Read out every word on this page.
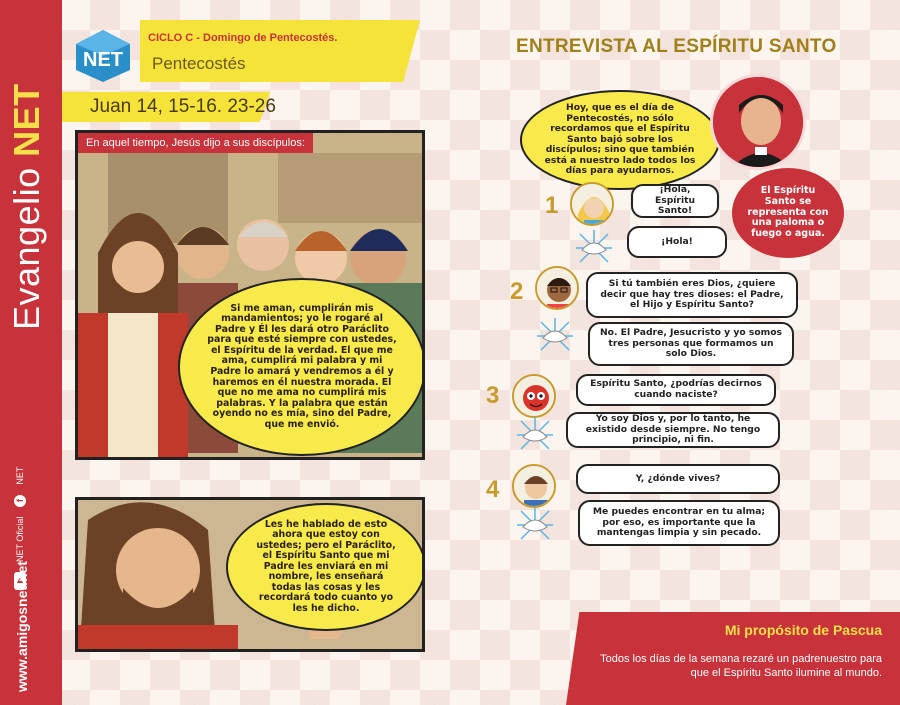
Evangelio NET
NET Oficial
f
NET
www.amigosnet.net
NET
CICLO C - Domingo de Pentecostés.
Pentecostés
Juan 14, 15-16. 23-26
En aquel tiempo, Jesús dijo a sus discípulos:
Si me aman, cumplirán mis mandamientos; yo le rogaré al Padre y Él les dará otro Paráclito para que esté siempre con ustedes, el Espíritu de la verdad. El que me ama, cumplirá mi palabra y mi Padre lo amará y vendremos a él y haremos en él nuestra morada. El que no me ama no cumplirá mis palabras. Y la palabra que están oyendo no es mía, sino del Padre, que me envió.
Les he hablado de esto ahora que estoy con ustedes; pero el Paráclito, el Espíritu Santo que mi Padre les enviará en mi nombre, les enseñará todas las cosas y les recordará todo cuanto yo les he dicho.
ENTREVISTA AL ESPÍRITU SANTO
Hoy, que es el día de Pentecostés, no sólo recordamos que el Espíritu Santo bajó sobre los discípulos; sino que también está a nuestro lado todos los días para ayudarnos.
El Espíritu Santo se representa con una paloma o fuego o agua.
1
¡Hola, Espíritu Santo!
¡Hola!
2	Si tú también eres Dios, ¿quiere decir que hay tres dioses: el Padre, el Hijo y Espíritu Santo?
No. El Padre, Jesucristo y yo somos tres personas que formamos un solo Dios.
3	Espíritu Santo, ¿podrías decirnos cuando naciste?
Yo soy Dios y, por lo tanto, he existido desde siempre. No tengo principio, ni fin.
4	Y, ¿dónde vives?
Me puedes encontrar en tu alma; por eso, es importante que la mantengas limpia y sin pecado.
Mi propósito de Pascua
Todos los días de la semana rezaré un padrenuestro para que el Espíritu Santo ilumine al mundo.
